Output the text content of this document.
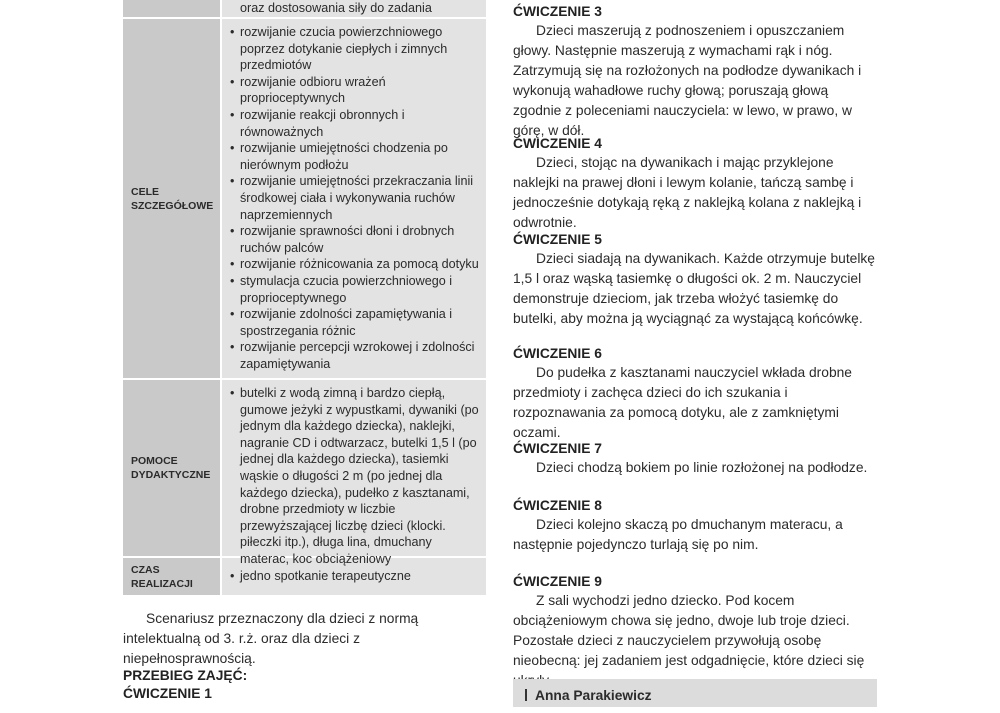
oraz dostosowania siły do zadania
CELE SZCZEGÓŁOWE
• rozwijanie czucia powierzchniowego poprzez dotykanie ciepłych i zimnych przedmiotów
• rozwijanie odbioru wrażeń proprioceptywnych
• rozwijanie reakcji obronnych i równoważnych
• rozwijanie umiejętności chodzenia po nierównym podłożu
• rozwijanie umiejętności przekraczania linii środkowej ciała i wykonywania ruchów naprzemiennych
• rozwijanie sprawności dłoni i drobnych ruchów palców
• rozwijanie różnicowania za pomocą dotyku
• stymulacja czucia powierzchniowego i proprioceptywnego
• rozwijanie zdolności zapamiętywania i spostrzegania różnic
• rozwijanie percepcji wzrokowej i zdolności zapamiętywania
POMOCE DYDAKTYCZNE
• butelki z wodą zimną i bardzo ciepłą, gumowe jeżyki z wypustkami, dywaniki (po jednym dla każdego dziecka), naklejki, nagranie CD i odtwarzacz, butelki 1,5 l (po jednej dla każdego dziecka), tasiemki wąskie o długości 2 m (po jednej dla każdego dziecka), pudełko z kasztanami, drobne przedmioty w liczbie przewyższającej liczbę dzieci (klocki. piłeczki itp.), długa lina, dmuchany materac, koc obciążeniowy
CZAS REALIZACJI
• jedno spotkanie terapeutyczne

Scenariusz przeznaczony dla dzieci z normą intelektualną od 3. r.ż. oraz dla dzieci z niepełnosprawnością.

PRZEBIEG ZAJĘĆ:
ĆWICZENIE 1
ĆWICZENIE 3

Dzieci maszerują z podnoszeniem i opuszczaniem głowy. Następnie maszerują z wymachami rąk i nóg. Zatrzymują się na rozłożonych na podłodze dywanikach i wykonują wahadłowe ruchy głową; poruszają głową zgodnie z poleceniami nauczyciela: w lewo, w prawo, w górę, w dół.

ĆWICZENIE 4

Dzieci, stojąc na dywanikach i mając przyklejone naklejki na prawej dłoni i lewym kolanie, tańczą sambę i jednocześnie dotykają ręką z naklejką kolana z naklejką i odwrotnie.

ĆWICZENIE 5

Dzieci siadają na dywanikach. Każde otrzymuje butelkę 1,5 l oraz wąską tasiemkę o długości ok. 2 m. Nauczyciel demonstruje dzieciom, jak trzeba włożyć tasiemkę do butelki, aby można ją wyciągnąć za wystającą końcówkę.

ĆWICZENIE 6

Do pudełka z kasztanami nauczyciel wkłada drobne przedmioty i zachęca dzieci do ich szukania i rozpoznawania za pomocą dotyku, ale z zamkniętymi oczami.

ĆWICZENIE 7

Dzieci chodzą bokiem po linie rozłożonej na podłodze.

ĆWICZENIE 8

Dzieci kolejno skaczą po dmuchanym materacu, a następnie pojedynczo turlają się po nim.

ĆWICZENIE 9

Z sali wychodzi jedno dziecko. Pod kocem obciążeniowym chowa się jedno, dwoje lub troje dzieci. Pozostałe dzieci z nauczycielem przywołują osobę nieobecną: jej zadaniem jest odgadnięcie, które dzieci się

Anna Parakiewicz
